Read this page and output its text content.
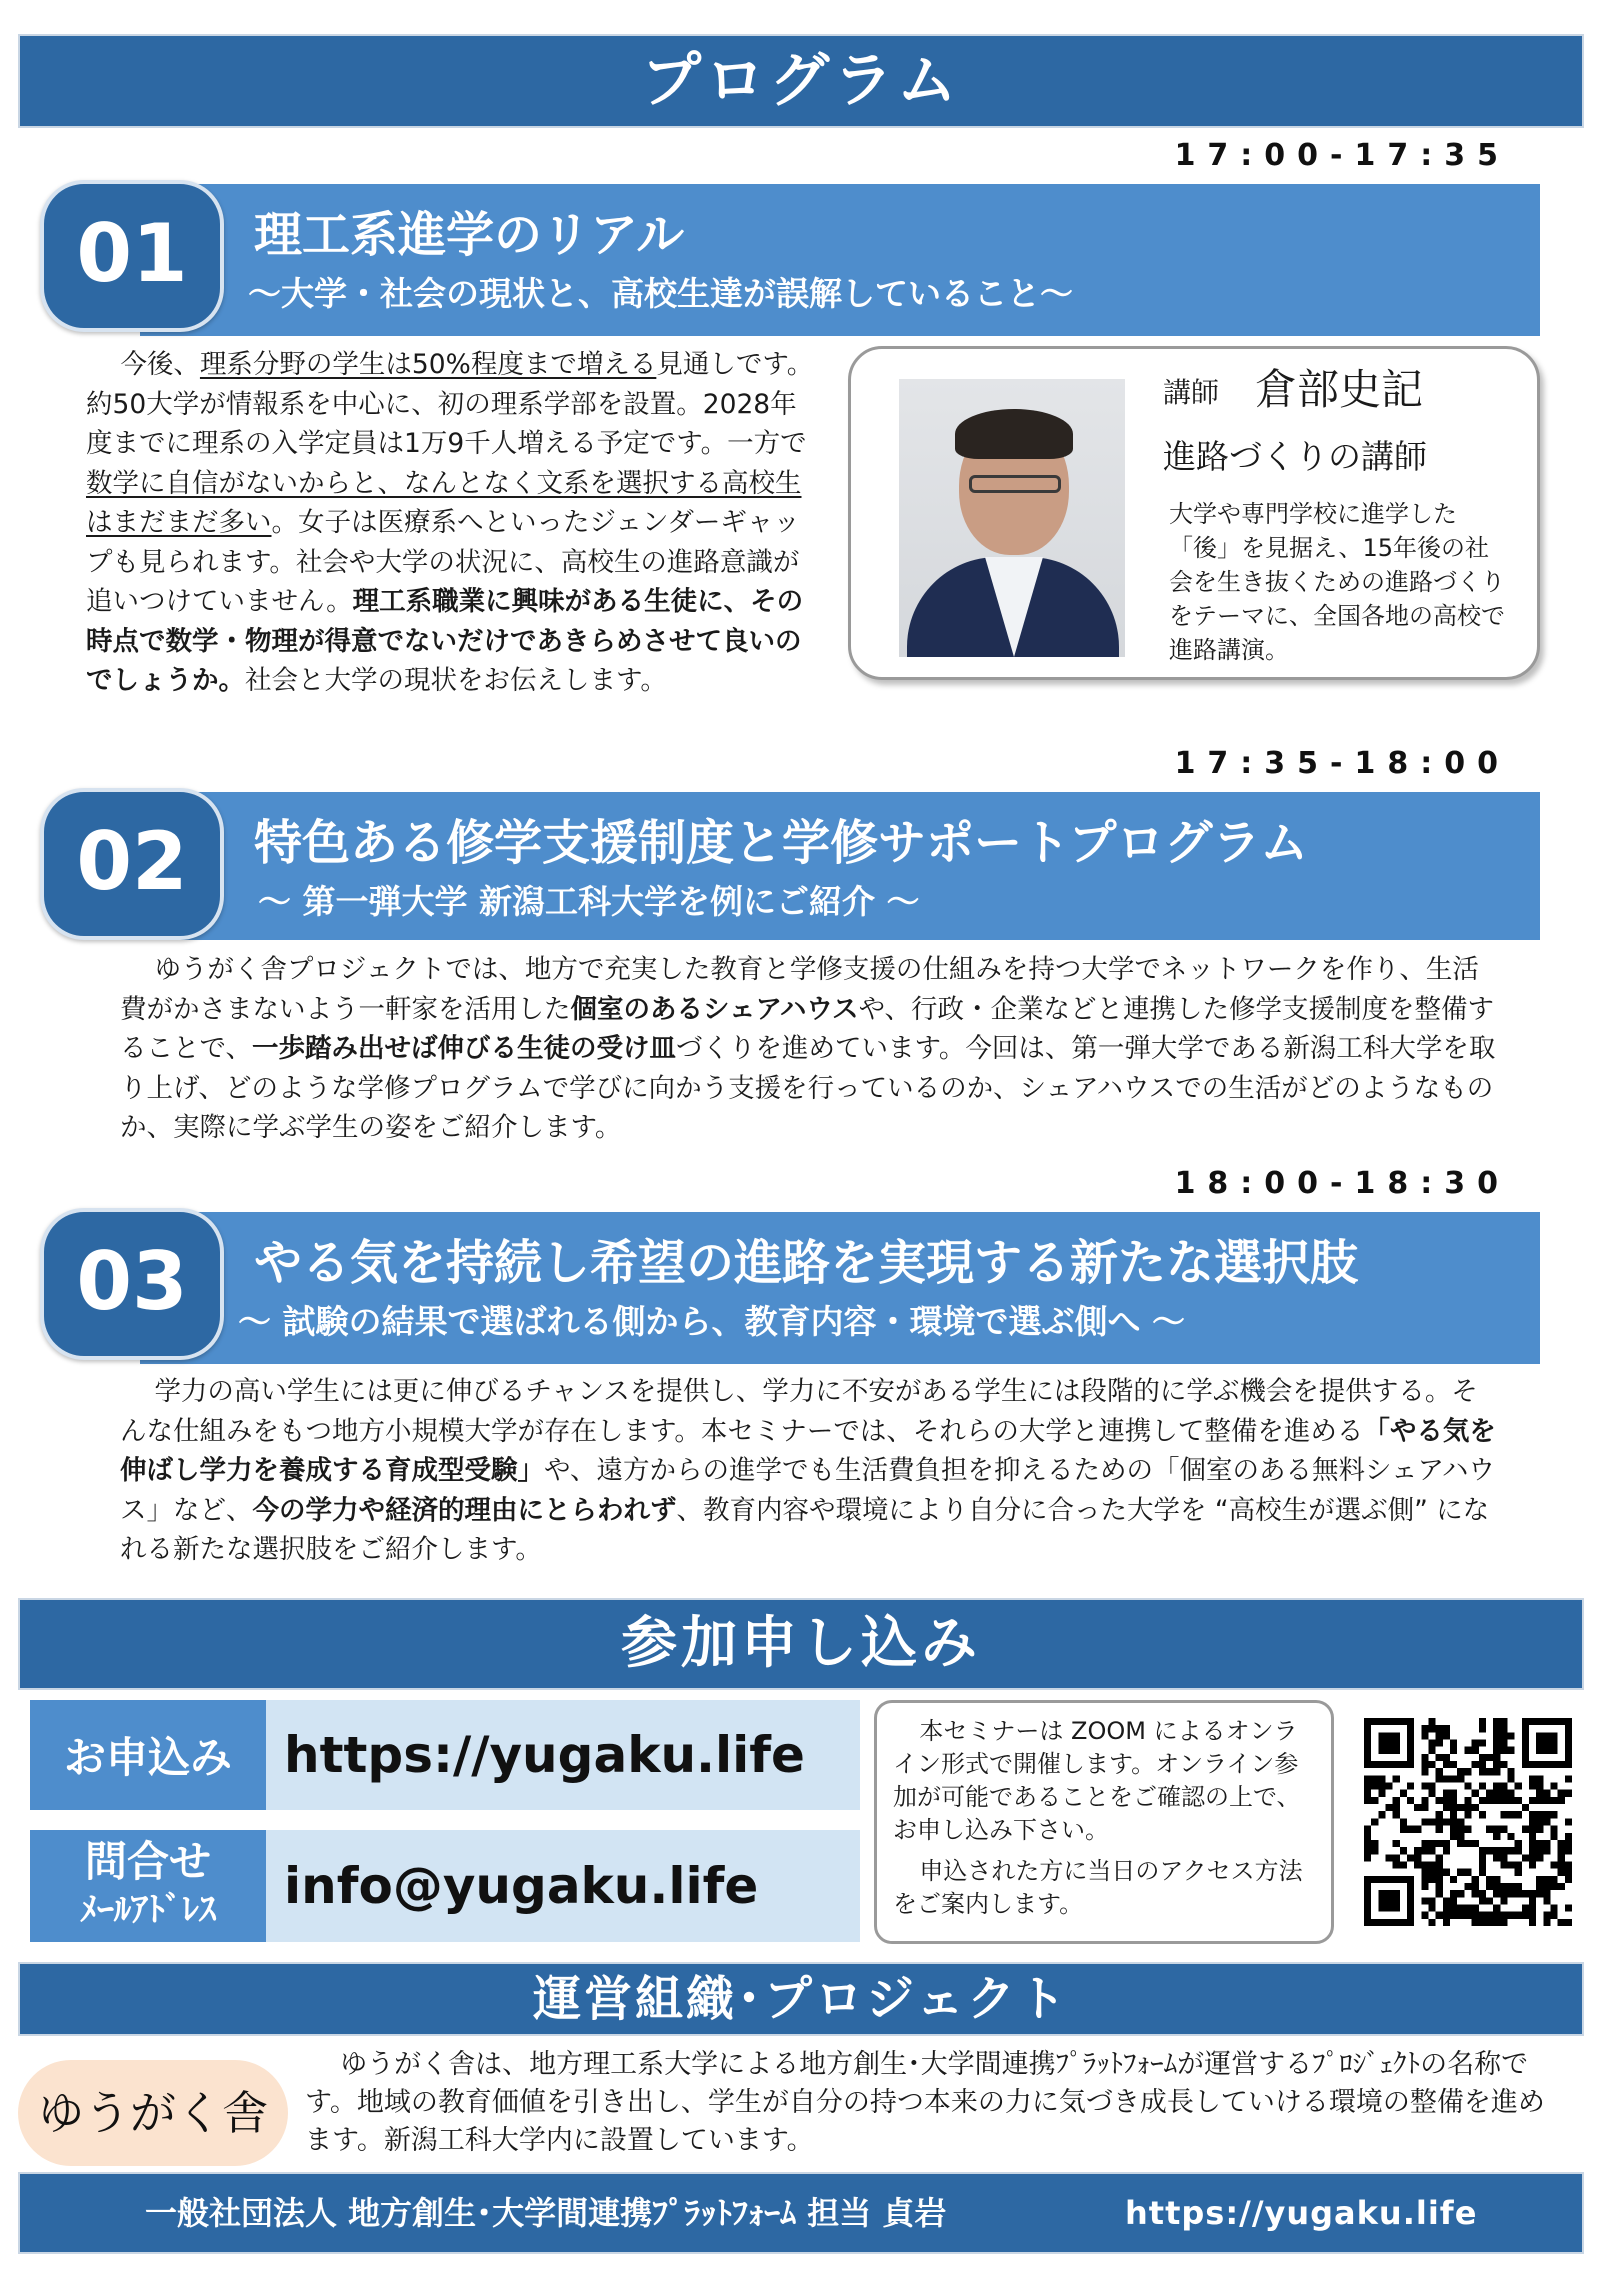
プログラム
17:00-17:35
理工系進学のリアル
～大学・社会の現状と、高校生達が誤解していること～
01

今後、理系分野の学生は50%程度まで増える見通しです。約50大学が情報系を中心に、初の理系学部を設置。2028年度までに理系の入学定員は1万9千人増える予定です。一方で数学に自信がないからと、なんとなく文系を選択する高校生はまだまだ多い。女子は医療系へといったジェンダーギャップも見られます。社会や大学の状況に、高校生の進路意識が追いつけていません。理工系職業に興味がある生徒に、その時点で数学・物理が得意でないだけであきらめさせて良いのでしょうか。社会と大学の現状をお伝えします。

講師 倉部史記
進路づくりの講師
大学や専門学校に進学した「後」を見据え、15年後の社会を生き抜くための進路づくりをテーマに、全国各地の高校で進路講演。
17:35-18:00
特色ある修学支援制度と学修サポートプログラム
～ 第一弾大学 新潟工科大学を例にご紹介 ～
02

ゆうがく舎プロジェクトでは、地方で充実した教育と学修支援の仕組みを持つ大学でネットワークを作り、生活費がかさまないよう一軒家を活用した個室のあるシェアハウスや、行政・企業などと連携した修学支援制度を整備することで、一歩踏み出せば伸びる生徒の受け皿づくりを進めています。今回は、第一弾大学である新潟工科大学を取り上げ、どのような学修プログラムで学びに向かう支援を行っているのか、シェアハウスでの生活がどのようなものか、実際に学ぶ学生の姿をご紹介します。

18:00-18:30
やる気を持続し希望の進路を実現する新たな選択肢
～ 試験の結果で選ばれる側から、教育内容・環境で選ぶ側へ ～
03

学力の高い学生には更に伸びるチャンスを提供し、学力に不安がある学生には段階的に学ぶ機会を提供する。そんな仕組みをもつ地方小規模大学が存在します。本セミナーでは、それらの大学と連携して整備を進める「やる気を伸ばし学力を養成する育成型受験」や、遠方からの進学でも生活費負担を抑えるための「個室のある無料シェアハウス」など、今の学力や経済的理由にとらわれず、教育内容や環境により自分に合った大学を “高校生が選ぶ側” になれる新たな選択肢をご紹介します。

参加申し込み
お申込み	https://yugaku.life
問合せ
ﾒｰﾙｱﾄﾞﾚｽ	info@yugaku.life

本セミナーは ZOOM によるオンライン形式で開催します。オンライン参加が可能であることをご確認の上で、お申し込み下さい。

申込された方に当日のアクセス方法をご案内します。

運営組織･プロジェクト
ゆうがく舎

ゆうがく舎は、地方理工系大学による地方創生･大学間連携ﾌﾟﾗｯﾄﾌｫｰﾑが運営するﾌﾟﾛｼﾞｪｸﾄの名称です。地域の教育価値を引き出し、学生が自分の持つ本来の力に気づき成長していける環境の整備を進めます。新潟工科大学内に設置しています。

一般社団法人 地方創生･大学間連携ﾌﾟﾗｯﾄﾌｫｰﾑ 担当 貞岩	https://yugaku.life
